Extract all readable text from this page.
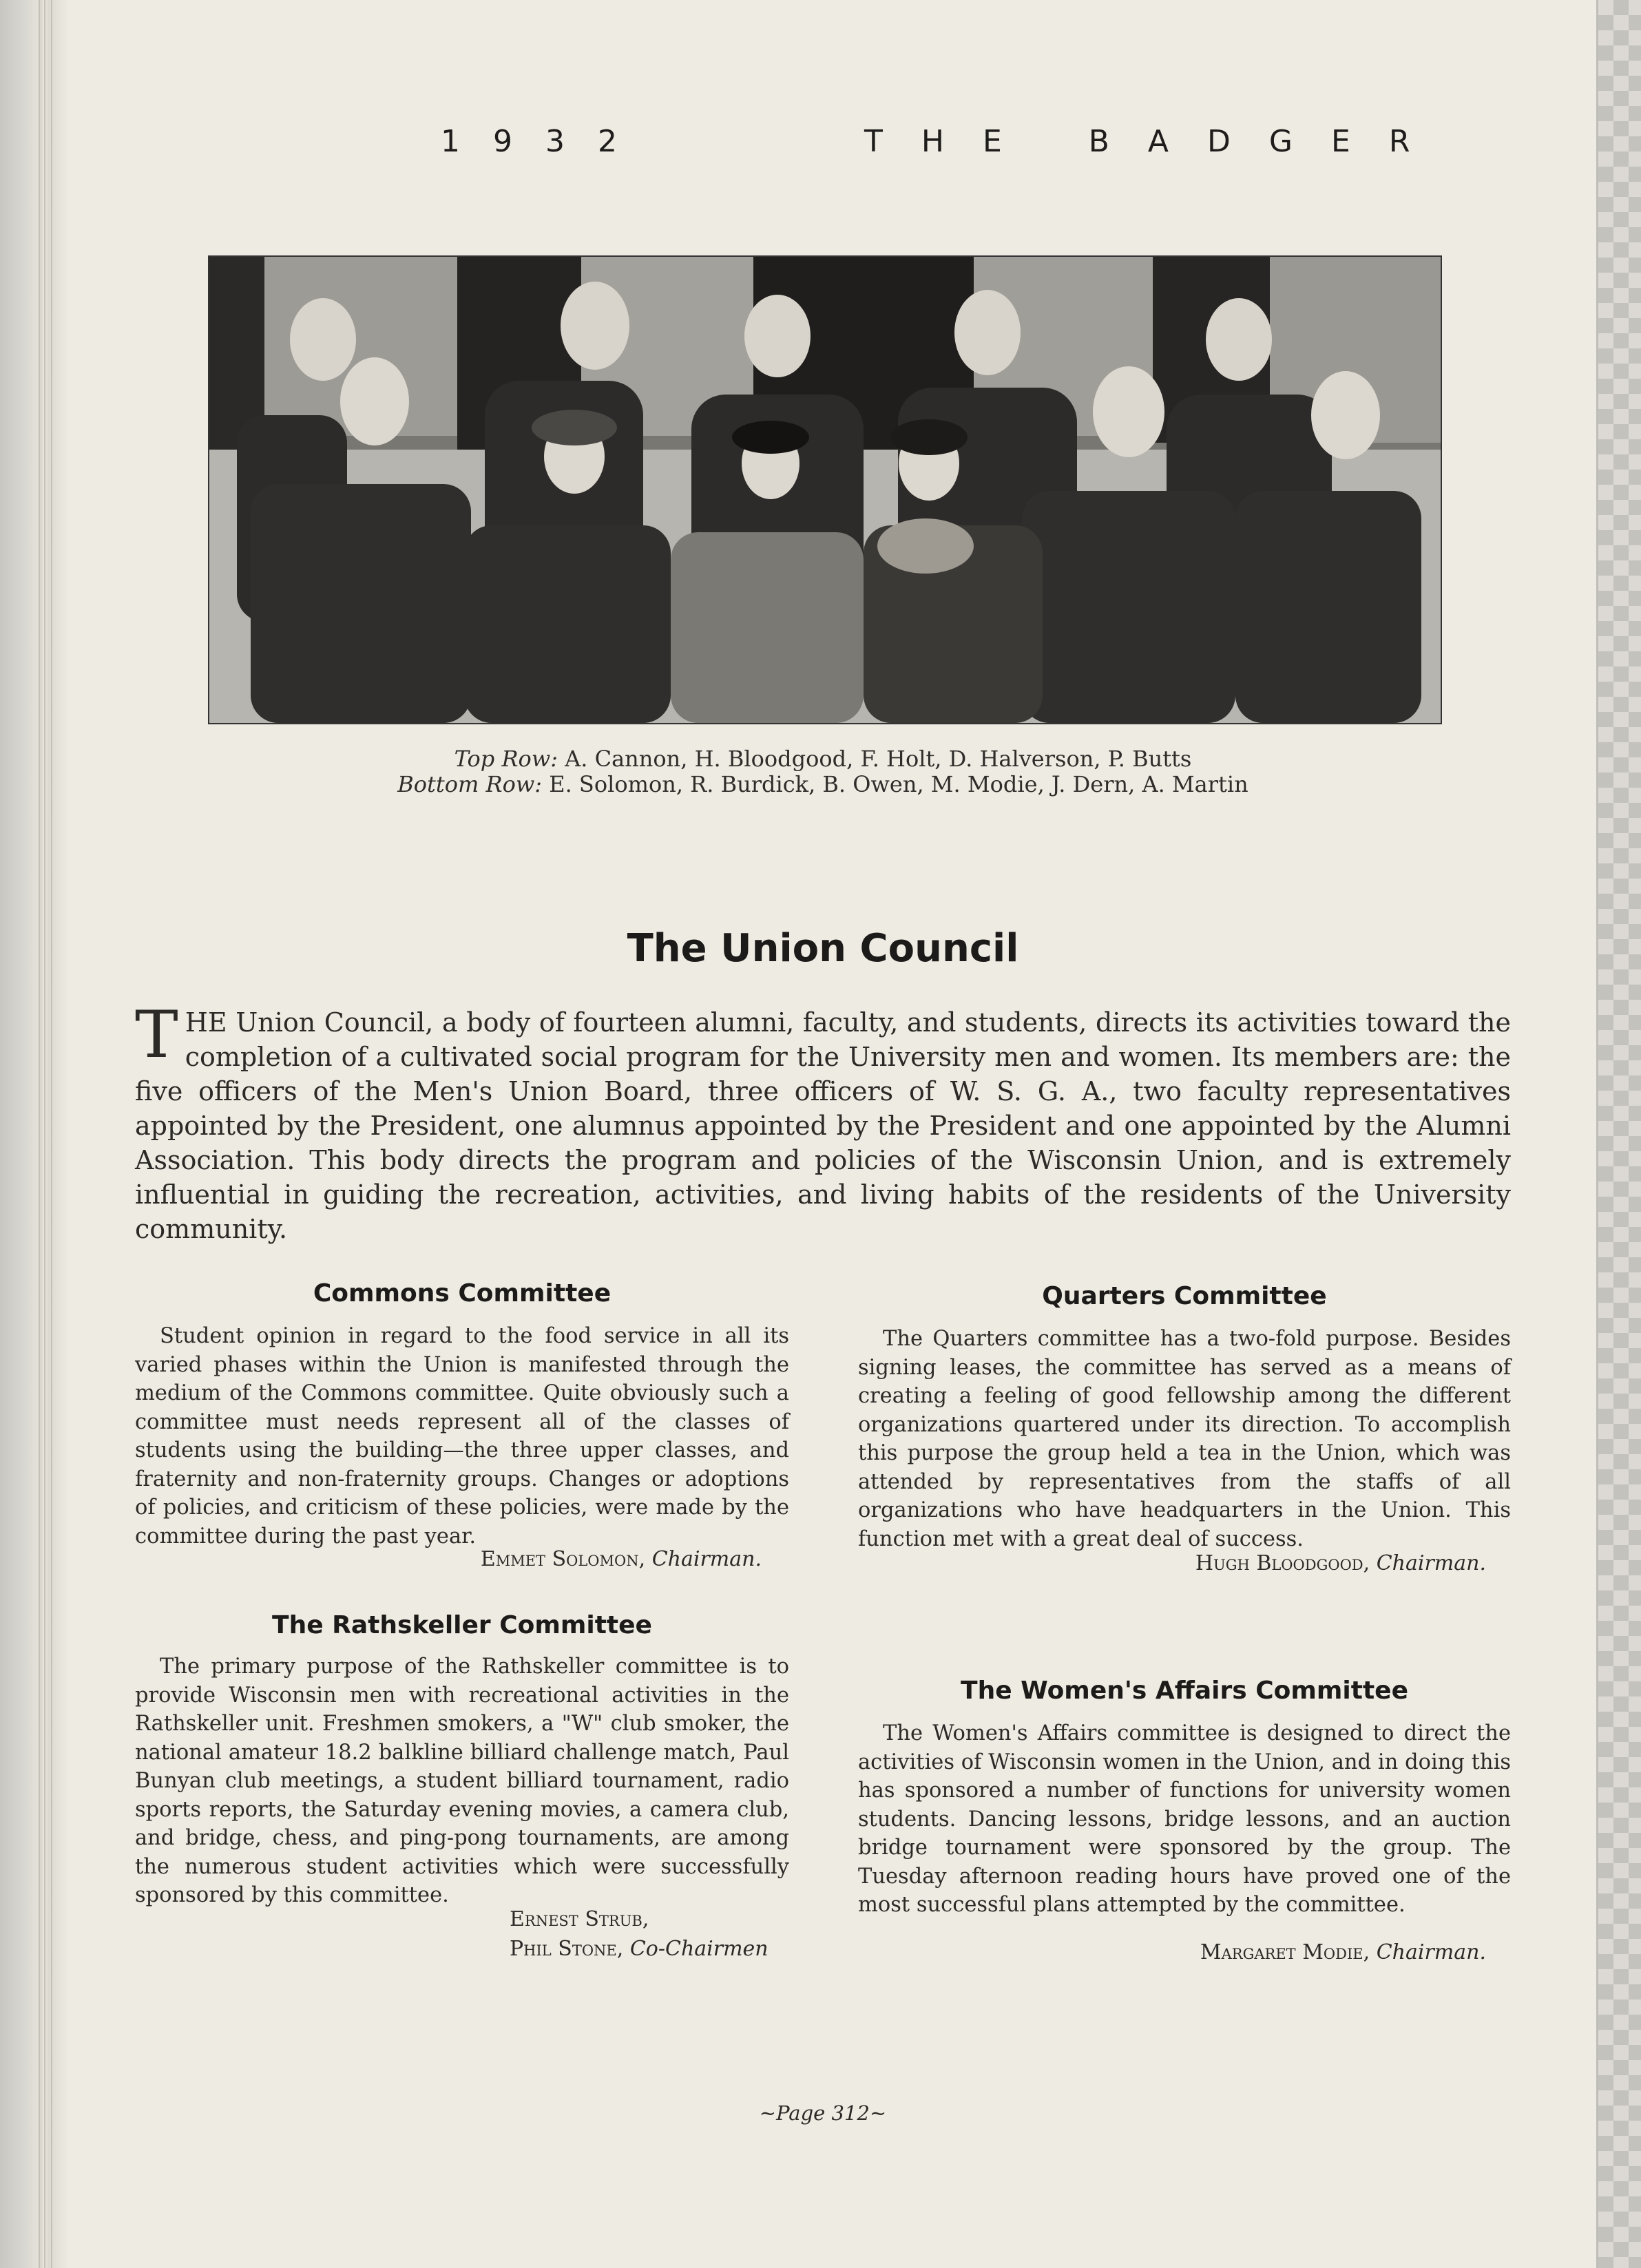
1932	THE BADGER
Top Row: A. Cannon, H. Bloodgood, F. Holt, D. Halverson, P. Butts
Bottom Row: E. Solomon, R. Burdick, B. Owen, M. Modie, J. Dern, A. Martin
The Union Council
THE Union Council, a body of fourteen alumni, faculty, and students, directs its activities toward the completion of a cultivated social program for the University men and women. Its members are: the five officers of the Men's Union Board, three officers of W. S. G. A., two faculty representatives appointed by the President, one alumnus appointed by the President and one appointed by the Alumni Association. This body directs the program and policies of the Wisconsin Union, and is extremely influential in guiding the recreation, activities, and living habits of the residents of the University community.
Commons Committee
Student opinion in regard to the food service in all its varied phases within the Union is manifested through the medium of the Commons committee. Quite obviously such a committee must needs represent all of the classes of students using the building—the three upper classes, and fraternity and non-fraternity groups. Changes or adoptions of policies, and criticism of these policies, were made by the committee during the past year.
Emmet Solomon, Chairman.
Quarters Committee
The Quarters committee has a two-fold purpose. Besides signing leases, the committee has served as a means of creating a feeling of good fellowship among the different organizations quartered under its direction. To accomplish this purpose the group held a tea in the Union, which was attended by representatives from the staffs of all organizations who have headquarters in the Union. This function met with a great deal of success.
Hugh Bloodgood, Chairman.
The Rathskeller Committee
The primary purpose of the Rathskeller committee is to provide Wisconsin men with recreational activities in the Rathskeller unit. Freshmen smokers, a "W" club smoker, the national amateur 18.2 balkline billiard challenge match, Paul Bunyan club meetings, a student billiard tournament, radio sports reports, the Saturday evening movies, a camera club, and bridge, chess, and ping-pong tournaments, are among the numerous student activities which were successfully sponsored by this committee.
Ernest Strub,
Phil Stone, Co-Chairmen
The Women's Affairs Committee
The Women's Affairs committee is designed to direct the activities of Wisconsin women in the Union, and in doing this has sponsored a number of functions for university women students. Dancing lessons, bridge lessons, and an auction bridge tournament were sponsored by the group. The Tuesday afternoon reading hours have proved one of the most successful plans attempted by the committee.
Margaret Modie, Chairman.
~Page 312~
